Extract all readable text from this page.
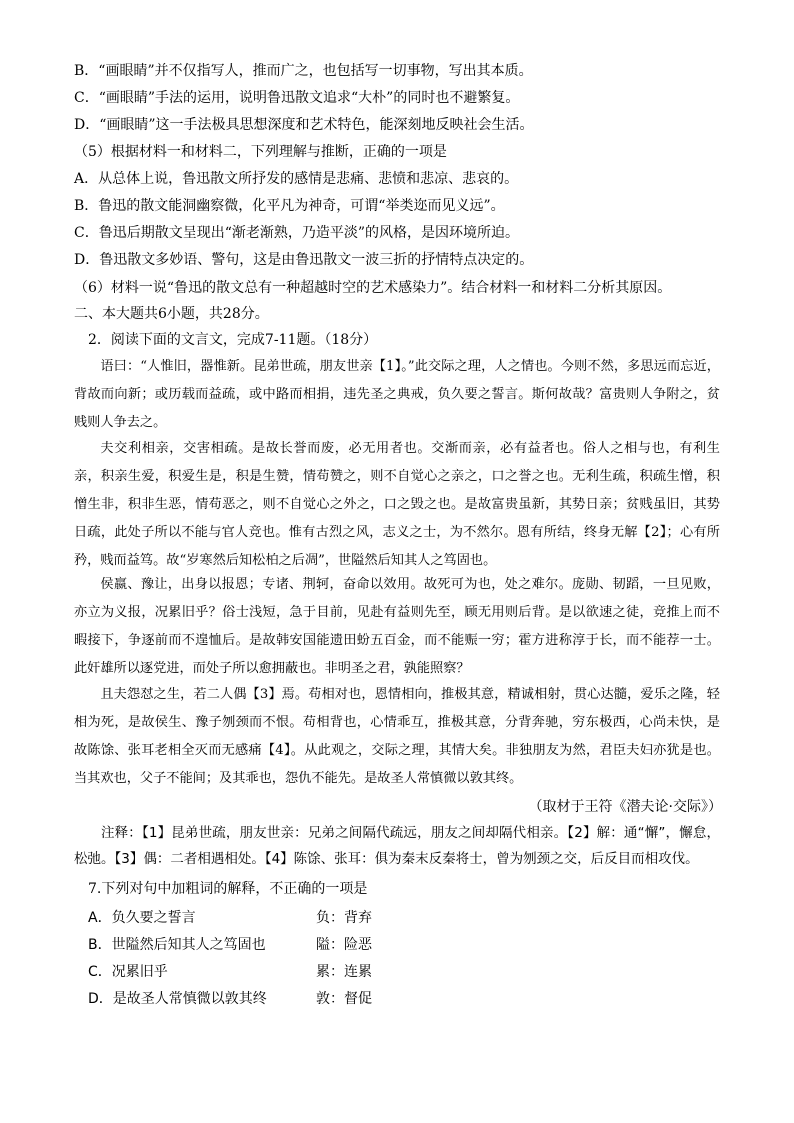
B．“画眼睛”并不仅指写人，推而广之，也包括写一切事物，写出其本质。
C．“画眼睛”手法的运用，说明鲁迅散文追求“大朴”的同时也不避繁复。
D．“画眼睛”这一手法极具思想深度和艺术特色，能深刻地反映社会生活。
（5）根据材料一和材料二，下列理解与推断，正确的一项是
A．从总体上说，鲁迅散文所抒发的感情是悲痛、悲愤和悲凉、悲哀的。
B．鲁迅的散文能洞幽察微，化平凡为神奇，可谓“举类迩而见义远”。
C．鲁迅后期散文呈现出“渐老渐熟，乃造平淡”的风格，是因环境所迫。
D．鲁迅散文多妙语、警句，这是由鲁迅散文一波三折的抒情特点决定的。
（6）材料一说“鲁迅的散文总有一种超越时空的艺术感染力”。结合材料一和材料二分析其原因。
二、本大题共6小题，共28分。
2．阅读下面的文言文，完成7-11题。（18分）
语曰：“人惟旧，器惟新。昆弟世疏，朋友世亲【1】。”此交际之理，人之情也。今则不然，多思远而忘近，背故而向新；或历载而益疏，或中路而相捐，违先圣之典戒，负久要之誓言。斯何故哉？富贵则人争附之，贫贱则人争去之。
夫交利相亲，交害相疏。是故长誉而废，必无用者也。交渐而亲，必有益者也。俗人之相与也，有利生亲，积亲生爱，积爱生是，积是生赞，情苟赞之，则不自觉心之亲之，口之誉之也。无利生疏，积疏生憎，积憎生非，积非生恶，情苟恶之，则不自觉心之外之，口之毁之也。是故富贵虽新，其势日亲；贫贱虽旧，其势日疏，此处子所以不能与官人竞也。惟有古烈之风，志义之士，为不然尔。恩有所结，终身无解【2】；心有所矜，贱而益笃。故“岁寒然后知松柏之后凋”，世隘然后知其人之笃固也。
侯嬴、豫让，出身以报恩；专诸、荆轲，奋命以效用。故死可为也，处之难尔。庞勋、韧蹈，一旦见败，亦立为义报，况累旧乎？俗士浅短，急于目前，见赴有益则先至，顾无用则后背。是以欲速之徒，竞推上而不暇接下，争逐前而不遑恤后。是故韩安国能遗田蚡五百金，而不能赈一穷；霍方进称淳于长，而不能荐一士。此奸雄所以逐党进，而处子所以愈拥蔽也。非明圣之君，孰能照察？
且夫怨怼之生，若二人偶【3】焉。苟相对也，恩情相向，推极其意，精诚相射，贯心达髓，爱乐之隆，轻相为死，是故侯生、豫子刎颈而不恨。苟相背也，心情乖互，推极其意，分背奔驰，穷东极西，心尚未快，是故陈馀、张耳老相全灭而无感痛【4】。从此观之，交际之理，其情大矣。非独朋友为然，君臣夫妇亦犹是也。当其欢也，父子不能间；及其乖也，怨仇不能先。是故圣人常慎微以敦其终。
（取材于王符《潜夫论·交际》）
注释：【1】昆弟世疏，朋友世亲：兄弟之间隔代疏远，朋友之间却隔代相亲。【2】解：通“懈”，懈怠，松弛。【3】偶：二者相遇相处。【4】陈馀、张耳：俱为秦末反秦将士，曾为刎颈之交，后反目而相攻伐。
7.下列对句中加粗词的解释，不正确的一项是
A．负久要之誓言	负：背弃
B．世隘然后知其人之笃固也	隘：险恶
C．况累旧乎	累：连累
D．是故圣人常慎微以敦其终	敦：督促
